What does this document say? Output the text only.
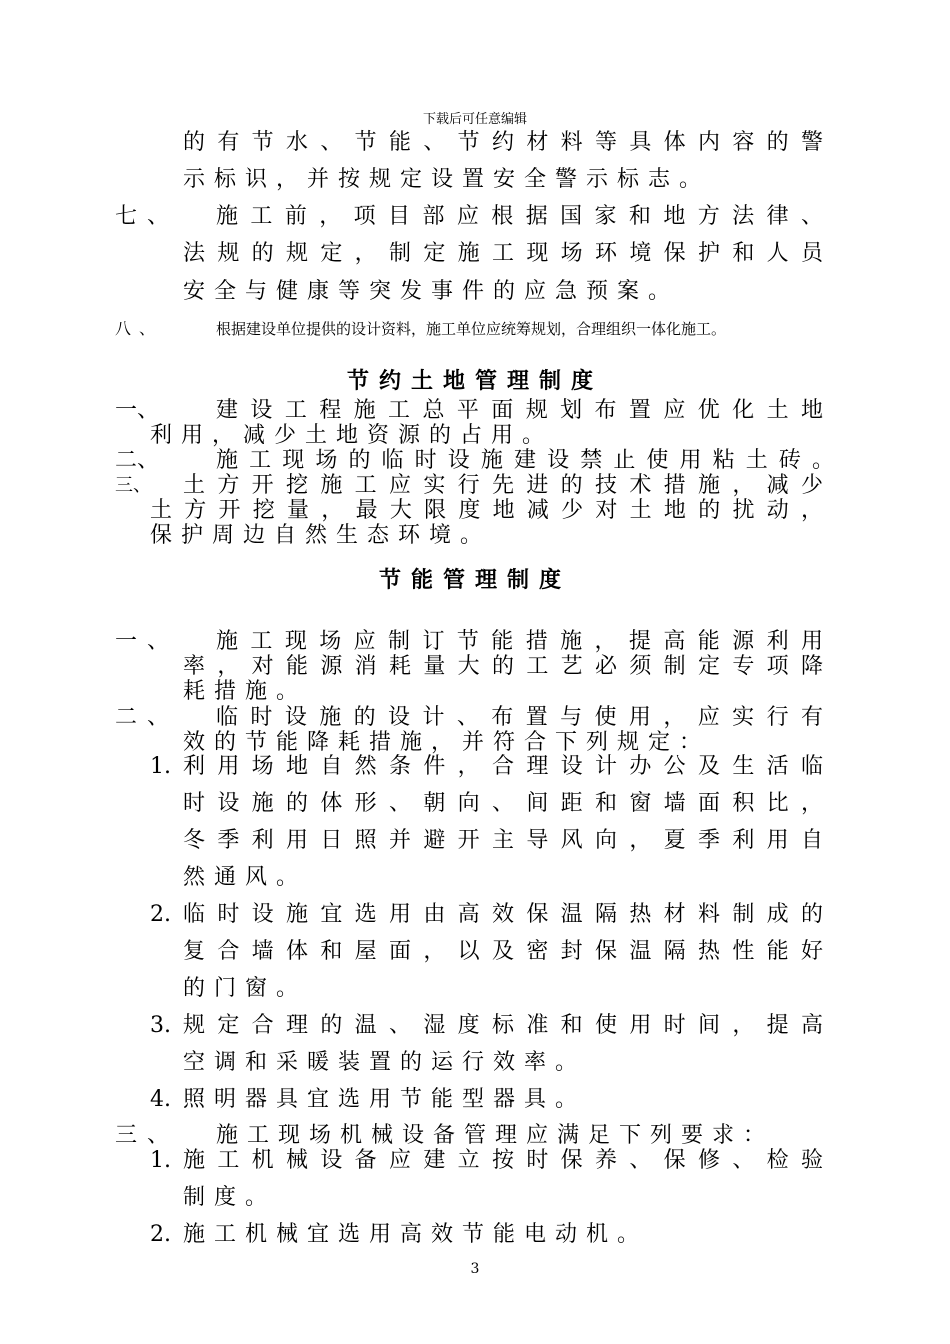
下载后可任意编辑
的​有​节​水​、​节​能​、​节​约​材​料​等​具​体​内​容​的​警
示标识，并按规定设置安全警示标志。
七、 施​工​前​，​项​目​部​应​根​据​国​家​和​地​方​法​律​、
法​规​的​规​定​，​制​定​施​工​现​场​环​境​保​护​和​人​员
安全与健康等突发事件的应急预案。
八、	根据建设单位提供的设计资料，施工单位应统筹规划，合理组织一体化施工。
节约土地管理制度
一、	建​设​工​程​施​工​总​平​面​规​划​布​置​应​优​化​土​地
利用，减少土地资源的占用。
二、	施​工​现​场​的​临​时​设​施​建​设​禁​止​使​用​粘​土​砖​。
三、 土​方​开​挖​施​工​应​实​行​先​进​的​技​术​措​施​，​减​少
土​方​开​挖​量​，​最​大​限​度​地​减​少​对​土​地​的​扰​动​，
保护周边自然生态环境。
节能管理制度
一、 施​工​现​场​应​制​订​节​能​措​施​，​提​高​能​源​利​用
率​，​对​能​源​消​耗​量​大​的​工​艺​必​须​制​定​专​项​降
耗措施。
二、 临​时​设​施​的​设​计​、​布​置​与​使​用​，​应​实​行​有
效的节能降耗措施，并符合下列规定：
1. 利​用​场​地​自​然​条​件​，​合​理​设​计​办​公​及​生​活​临
时​设​施​的​体​形​、​朝​向​、​间​距​和​窗​墙​面​积​比​，
冬​季​利​用​日​照​并​避​开​主​导​风​向​，​夏​季​利​用​自
然通风。
2. 临​时​设​施​宜​选​用​由​高​效​保​温​隔​热​材​料​制​成​的
复​合​墙​体​和​屋​面​，​以​及​密​封​保​温​隔​热​性​能​好
的门窗。
3. 规​定​合​理​的​温​、​湿​度​标​准​和​使​用​时​间​，​提​高
空调和采暖装置的运行效率。
4. 照明器具宜选用节能型器具。
三、 施工现场机械设备管理应满足下列要求：
1. 施​工​机​械​设​备​应​建​立​按​时​保​养​、​保​修​、​检​验
制度。
2. 施工机械宜选用高效节能电动机。
3
